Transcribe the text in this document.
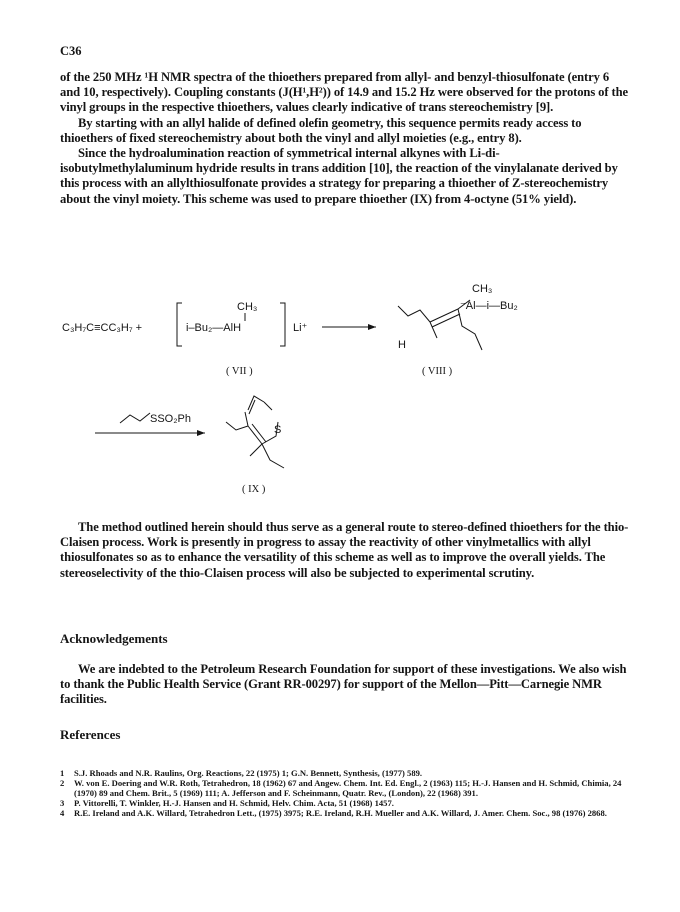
C36

of the 250 MHz ¹H NMR spectra of the thioethers prepared from allyl- and benzyl-thiosulfonate (entry 6 and 10, respectively). Coupling constants (J(H¹,H²)) of 14.9 and 15.2 Hz were observed for the protons of the vinyl groups in the respective thioethers, values clearly indicative of trans stereochemistry [9].

By starting with an allyl halide of defined olefin geometry, this sequence permits ready access to thioethers of fixed stereochemistry about both the vinyl and allyl moieties (e.g., entry 8).

Since the hydroalumination reaction of symmetrical internal alkynes with Li-di-isobutylmethylaluminum hydride results in trans addition [10], the reaction of the vinylalanate derived by this process with an allylthiosulfonate provides a strategy for preparing a thioether of Z-stereochemistry about the vinyl moiety. This scheme was used to prepare thioether (IX) from 4-octyne (51% yield).

C₃H₇C≡CC₃H₇ +
CH₃
i–Bu₂—AlH	Li⁺
( VII )
CH₃
⁻Al—i—Bu₂
H
( VIII )
SSO₂Ph
S
( IX )

The method outlined herein should thus serve as a general route to stereo-defined thioethers for the thio-Claisen process. Work is presently in progress to assay the reactivity of other vinylmetallics with allyl thiosulfonates so as to enhance the versatility of this scheme as well as to improve the overall yields. The stereoselectivity of the thio-Claisen process will also be subjected to experimental scrutiny.

Acknowledgements

We are indebted to the Petroleum Research Foundation for support of these investigations. We also wish to thank the Public Health Service (Grant RR-00297) for support of the Mellon—Pitt—Carnegie NMR facilities.

References
1	S.J. Rhoads and N.R. Raulins, Org. Reactions, 22 (1975) 1; G.N. Bennett, Synthesis, (1977) 589.
2	W. von E. Doering and W.R. Roth, Tetrahedron, 18 (1962) 67 and Angew. Chem. Int. Ed. Engl., 2 (1963) 115; H.-J. Hansen and H. Schmid, Chimia, 24 (1970) 89 and Chem. Brit., 5 (1969) 111; A. Jefferson and F. Scheinmann, Quatr. Rev., (London), 22 (1968) 391.
3	P. Vittorelli, T. Winkler, H.-J. Hansen and H. Schmid, Helv. Chim. Acta, 51 (1968) 1457.
4	R.E. Ireland and A.K. Willard, Tetrahedron Lett., (1975) 3975; R.E. Ireland, R.H. Mueller and A.K. Willard, J. Amer. Chem. Soc., 98 (1976) 2868.
